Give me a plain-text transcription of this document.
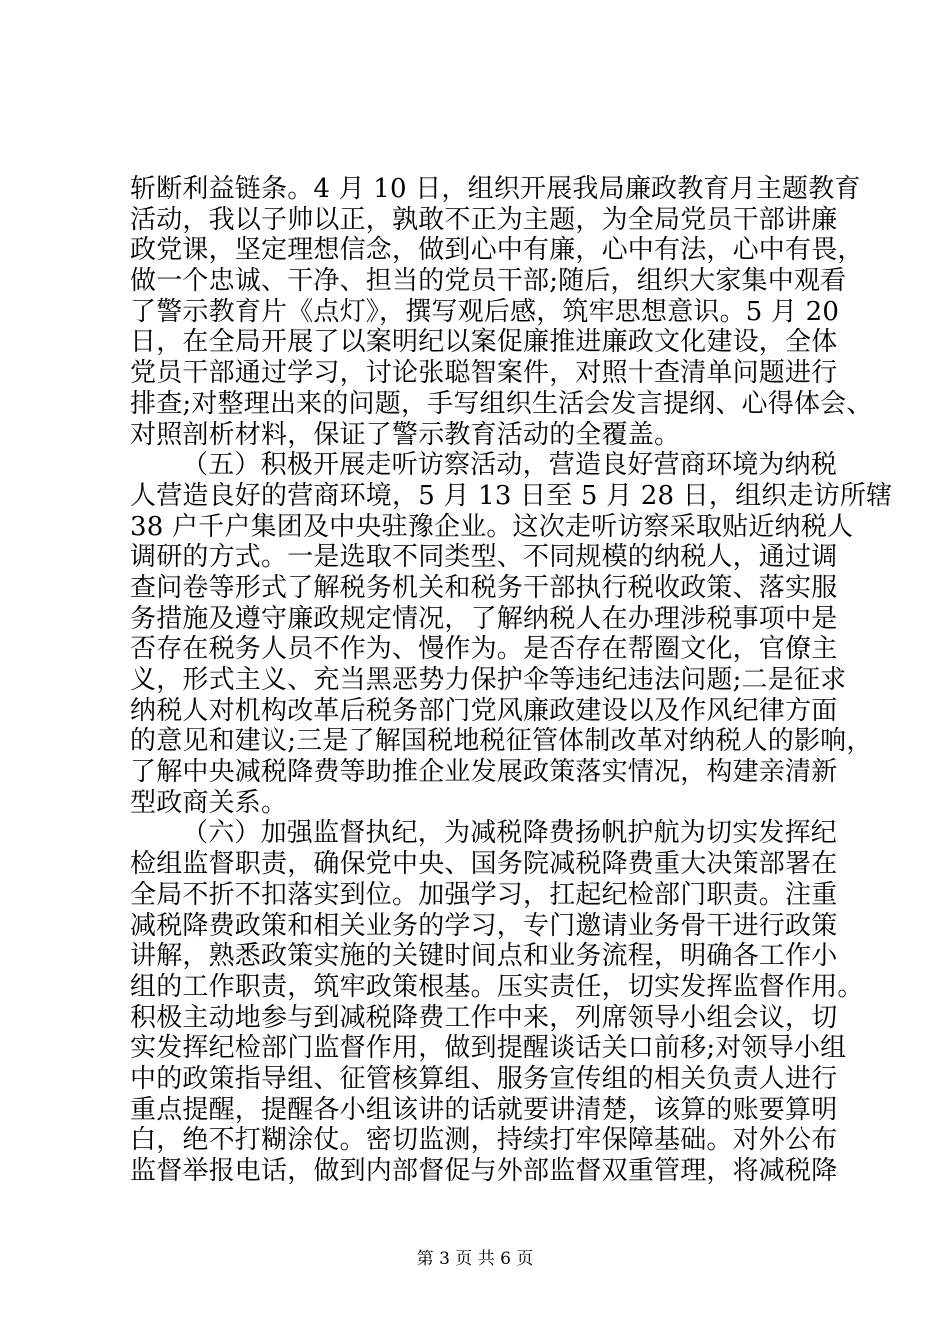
斩断利益链条。4 月 10 日，组织开展我局廉政教育月主题教育
活动，我以子帅以正，孰敢不正为主题，为全局党员干部讲廉
政党课，坚定理想信念，做到心中有廉，心中有法，心中有畏，
做一个忠诚、干净、担当的党员干部;随后，组织大家集中观看
了警示教育片《点灯》，撰写观后感，筑牢思想意识。5 月 20
日，在全局开展了以案明纪以案促廉推进廉政文化建设，全体
党员干部通过学习，讨论张聪智案件，对照十查清单问题进行
排查;对整理出来的问题，手写组织生活会发言提纲、心得体会、
对照剖析材料，保证了警示教育活动的全覆盖。
（五）积极开展走听访察活动，营造良好营商环境为纳税
人营造良好的营商环境，5 月 13 日至 5 月 28 日，组织走访所辖
38 户千户集团及中央驻豫企业。这次走听访察采取贴近纳税人
调研的方式。一是选取不同类型、不同规模的纳税人，通过调
查问卷等形式了解税务机关和税务干部执行税收政策、落实服
务措施及遵守廉政规定情况，了解纳税人在办理涉税事项中是
否存在税务人员不作为、慢作为。是否存在帮圈文化，官僚主
义，形式主义、充当黑恶势力保护伞等违纪违法问题;二是征求
纳税人对机构改革后税务部门党风廉政建设以及作风纪律方面
的意见和建议;三是了解国税地税征管体制改革对纳税人的影响，
了解中央减税降费等助推企业发展政策落实情况，构建亲清新
型政商关系。
（六）加强监督执纪，为减税降费扬帆护航为切实发挥纪
检组监督职责，确保党中央、国务院减税降费重大决策部署在
全局不折不扣落实到位。加强学习，扛起纪检部门职责。注重
减税降费政策和相关业务的学习，专门邀请业务骨干进行政策
讲解，熟悉政策实施的关键时间点和业务流程，明确各工作小
组的工作职责，筑牢政策根基。压实责任，切实发挥监督作用。
积极主动地参与到减税降费工作中来，列席领导小组会议，切
实发挥纪检部门监督作用，做到提醒谈话关口前移;对领导小组
中的政策指导组、征管核算组、服务宣传组的相关负责人进行
重点提醒，提醒各小组该讲的话就要讲清楚，该算的账要算明
白，绝不打糊涂仗。密切监测，持续打牢保障基础。对外公布
监督举报电话，做到内部督促与外部监督双重管理，将减税降
第 3 页 共 6 页
